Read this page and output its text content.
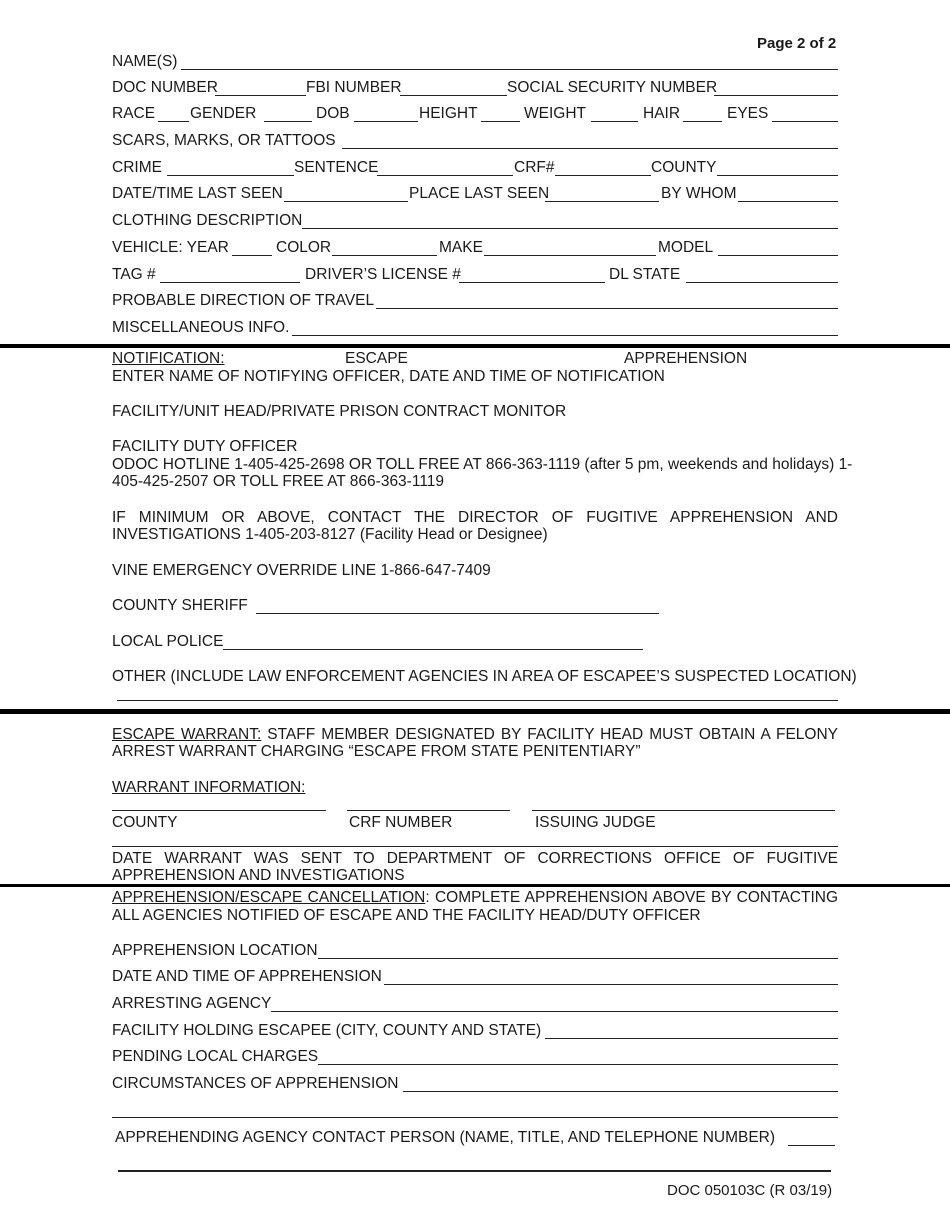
Page 2 of 2
NAME(S)
DOC NUMBER	FBI NUMBER	SOCIAL SECURITY NUMBER
RACE GENDER	DOB	HEIGHT	WEIGHT	HAIR	EYES
SCARS, MARKS, OR TATTOOS
CRIME	SENTENCE	CRF#	COUNTY
DATE/TIME LAST SEEN	PLACE LAST SEEN	BY WHOM
CLOTHING DESCRIPTION
VEHICLE: YEAR	COLOR	MAKE	MODEL
TAG #	DRIVER’S LICENSE #	DL STATE
PROBABLE DIRECTION OF TRAVEL
MISCELLANEOUS INFO.
NOTIFICATION:	ESCAPE	APPREHENSION
ENTER NAME OF NOTIFYING OFFICER, DATE AND TIME OF NOTIFICATION
FACILITY/UNIT HEAD/PRIVATE PRISON CONTRACT MONITOR
FACILITY DUTY OFFICER
ODOC HOTLINE 1-405-425-2698 OR TOLL FREE AT 866-363-1119 (after 5 pm, weekends and holidays) 1-
405-425-2507 OR TOLL FREE AT 866-363-1119
IF MINIMUM OR ABOVE, CONTACT THE DIRECTOR OF FUGITIVE APPREHENSION AND
INVESTIGATIONS 1-405-203-8127 (Facility Head or Designee)
VINE EMERGENCY OVERRIDE LINE 1-866-647-7409
COUNTY SHERIFF
LOCAL POLICE
OTHER (INCLUDE LAW ENFORCEMENT AGENCIES IN AREA OF ESCAPEE’S SUSPECTED LOCATION)
ESCAPE WARRANT: STAFF MEMBER DESIGNATED BY FACILITY HEAD MUST OBTAIN A FELONY
ARREST WARRANT CHARGING “ESCAPE FROM STATE PENITENTIARY”
WARRANT INFORMATION:
COUNTY	CRF NUMBER	ISSUING JUDGE
DATE WARRANT WAS SENT TO DEPARTMENT OF CORRECTIONS OFFICE OF FUGITIVE
APPREHENSION AND INVESTIGATIONS
APPREHENSION/ESCAPE CANCELLATION: COMPLETE APPREHENSION ABOVE BY CONTACTING
ALL AGENCIES NOTIFIED OF ESCAPE AND THE FACILITY HEAD/DUTY OFFICER
APPREHENSION LOCATION
DATE AND TIME OF APPREHENSION
ARRESTING AGENCY
FACILITY HOLDING ESCAPEE (CITY, COUNTY AND STATE)
PENDING LOCAL CHARGES
CIRCUMSTANCES OF APPREHENSION
APPREHENDING AGENCY CONTACT PERSON (NAME, TITLE, AND TELEPHONE NUMBER)
DOC 050103C (R 03/19)
